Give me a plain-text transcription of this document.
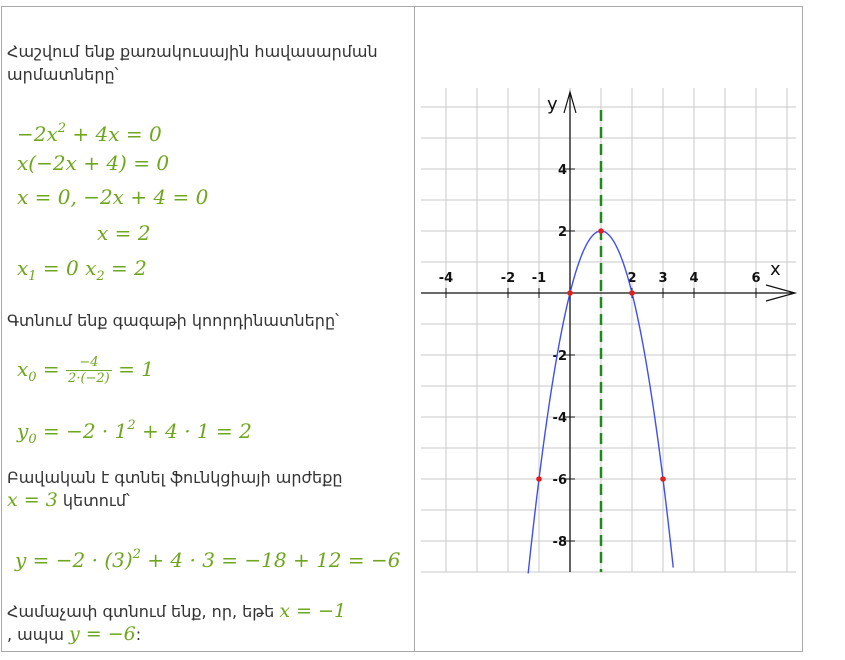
Հաշվում ենք քառակուսային հավասարման արմատները՝
$-2x^2 + 4x = 0$
x(−2x + 4) = 0
x = 0, −2x + 4 = 0
x = 2
$x_1 = 0$ $x_2 = 2$
Գտնում ենք գագաթի կոորդինատները՝
$x_0 = \frac{-4}{2\cdot(-2)} = 1$
$y_0 = -2 \cdot 1^2 + 4 \cdot 1 = 2$
Բավական է գտնել ֆունկցիայի արժեքը
x = 3 կետում՝
$y = -2 \cdot (3)^2 + 4 \cdot 3 = -18 + 12 = -6$
Համաչափ գտնում ենք, որ, եթե x = −1
, ապա y = −6:
x
y
-4	-2 -1	2 3 4	6
4
2
-2
-4
-6
-8
